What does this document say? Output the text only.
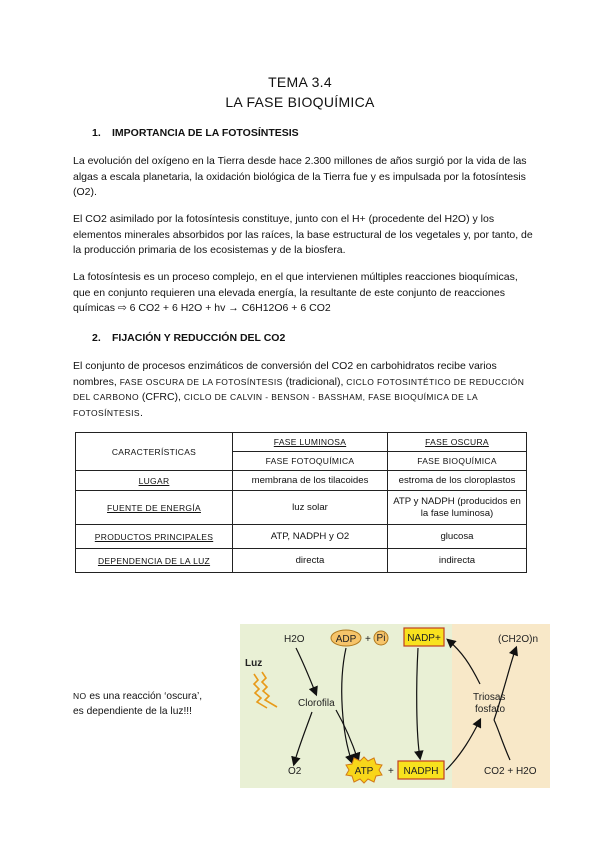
TEMA 3.4
LA FASE BIOQUÍMICA
1. IMPORTANCIA DE LA FOTOSÍNTESIS

La evolución del oxígeno en la Tierra desde hace 2.300 millones de años surgió por la vida de las algas a escala planetaria, la oxidación biológica de la Tierra fue y es impulsada por la fotosíntesis (O2).

El CO2 asimilado por la fotosíntesis constituye, junto con el H+ (procedente del H2O) y los elementos minerales absorbidos por las raíces, la base estructural de los vegetales y, por tanto, de la producción primaria de los ecosistemas y de la biosfera.

La fotosíntesis es un proceso complejo, en el que intervienen múltiples reacciones bioquímicas, que en conjunto requieren una elevada energía, la resultante de este conjunto de reacciones químicas ⇨ 6 CO2 + 6 H2O + hv → C6H12O6 + 6 CO2

2. FIJACIÓN Y REDUCCIÓN DEL CO2

El conjunto de procesos enzimáticos de conversión del CO2 en carbohidratos recibe varios nombres, FASE OSCURA DE LA FOTOSÍNTESIS (tradicional), CICLO FOTOSINTÉTICO DE REDUCCIÓN DEL CARBONO (CFRC), CICLO DE CALVIN - BENSON - BASSHAM, FASE BIOQUÍMICA DE LA FOTOSÍNTESIS.

CARACTERÍSTICAS	FASE LUMINOSA	FASE OSCURA
	FASE FOTOQUÍMICA	FASE BIOQUÍMICA
LUGAR	membrana de los tilacoides	estroma de los cloroplastos
FUENTE DE ENERGÍA	luz solar	ATP y NADPH (producidos en la fase luminosa)
PRODUCTOS PRINCIPALES	ATP, NADPH y O2	glucosa
DEPENDENCIA DE LA LUZ	directa	indirecta
NO es una reacción ‘oscura’,
es dependiente de la luz!!!
H2O	ADP + Pi NADP+	(CH2O)n
Luz
Clorofila
O2	ATP + NADPH
Triosas
fosfato
CO2 + H2O
